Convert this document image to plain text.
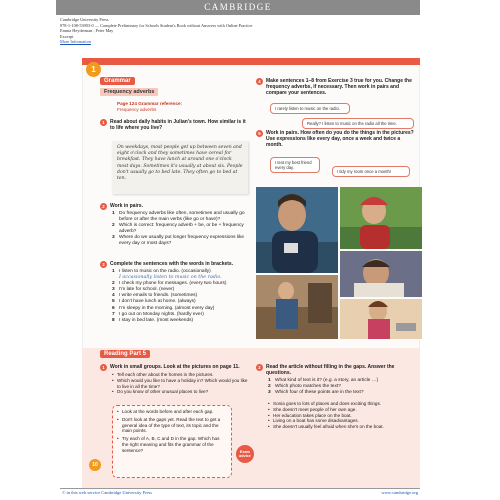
CAMBRIDGE
Cambridge University Press
978-1-108-53903-0 — Complete Preliminary for Schools Student's Book without Answers with Online Practice
Emma Heyderman , Peter May
Excerpt
More Information
1
Grammar
Frequency adverbs
Page 124 Grammar reference:
Frequency adverbs
1	Read about daily habits in Julian's town. How similar is it to life where you live?
On weekdays, most people get up between seven and eight o'clock and they sometimes have cereal for breakfast. They have lunch at around one o'clock most days. Sometimes it's usually at about six. People don't usually go to bed late. They often go to bed at ten.
2	Work in pairs.
1 Do frequency adverbs like often, sometimes and usually go before or after the main verbs (like go or have)?
2 Which is correct: frequency adverb + be, or be + frequency adverb?
3 Where do we usually put longer frequency expressions like every day or most days?
3	Complete the sentences with the words in brackets.
1 I listen to music on the radio. (occasionally)
I occasionally listen to music on the radio.
2 I check my phone for messages. (every two hours)
3 I'm late for school. (never)
4 I write emails to friends. (sometimes)
5 I don't have lunch at home. (always)
6 I'm sleepy in the morning. (almost every day)
7 I go out on Monday nights. (hardly ever)
8 I stay in bed late. (most weekends)
4	Make sentences 1–8 from Exercise 3 true for you. Change the frequency adverbs, if necessary. Then work in pairs and compare your sentences.
I rarely listen to music on the radio.
Really? I listen to music on the radio all the time.
5	Work in pairs. How often do you do the things in the pictures? Use expressions like every day, once a week and twice a month.
I text my best friend every day.
I tidy my room once a month!
Reading Part 5
1	Work in small groups. Look at the pictures on page 11.
• Tell each other about the homes in the pictures.
• Which would you like to have a holiday in? Which would you like to live in all the time?
• Do you know of other unusual places to live?
• Look at the words before and after each gap.
• Don't look at the gaps yet. Read the text to get a general idea of the type of text, its topic and the main points.
• Try each of A, B, C and D in the gap. Which has the right meaning and fits the grammar of the sentence?	Exam advice
2	Read the article without filling in the gaps. Answer the questions.
1 What kind of text is it? (e.g. a story, an article …)
2 Which photo matches the text?
3 Which four of these points are in the text?
• Sonia goes to lots of places and does exciting things.
• She doesn't meet people of her own age.
• Her education takes place on the boat.
• Living on a boat has some disadvantages.
• She doesn't usually feel afraid when she's on the boat.
10
© in this web service Cambridge University Press	www.cambridge.org
